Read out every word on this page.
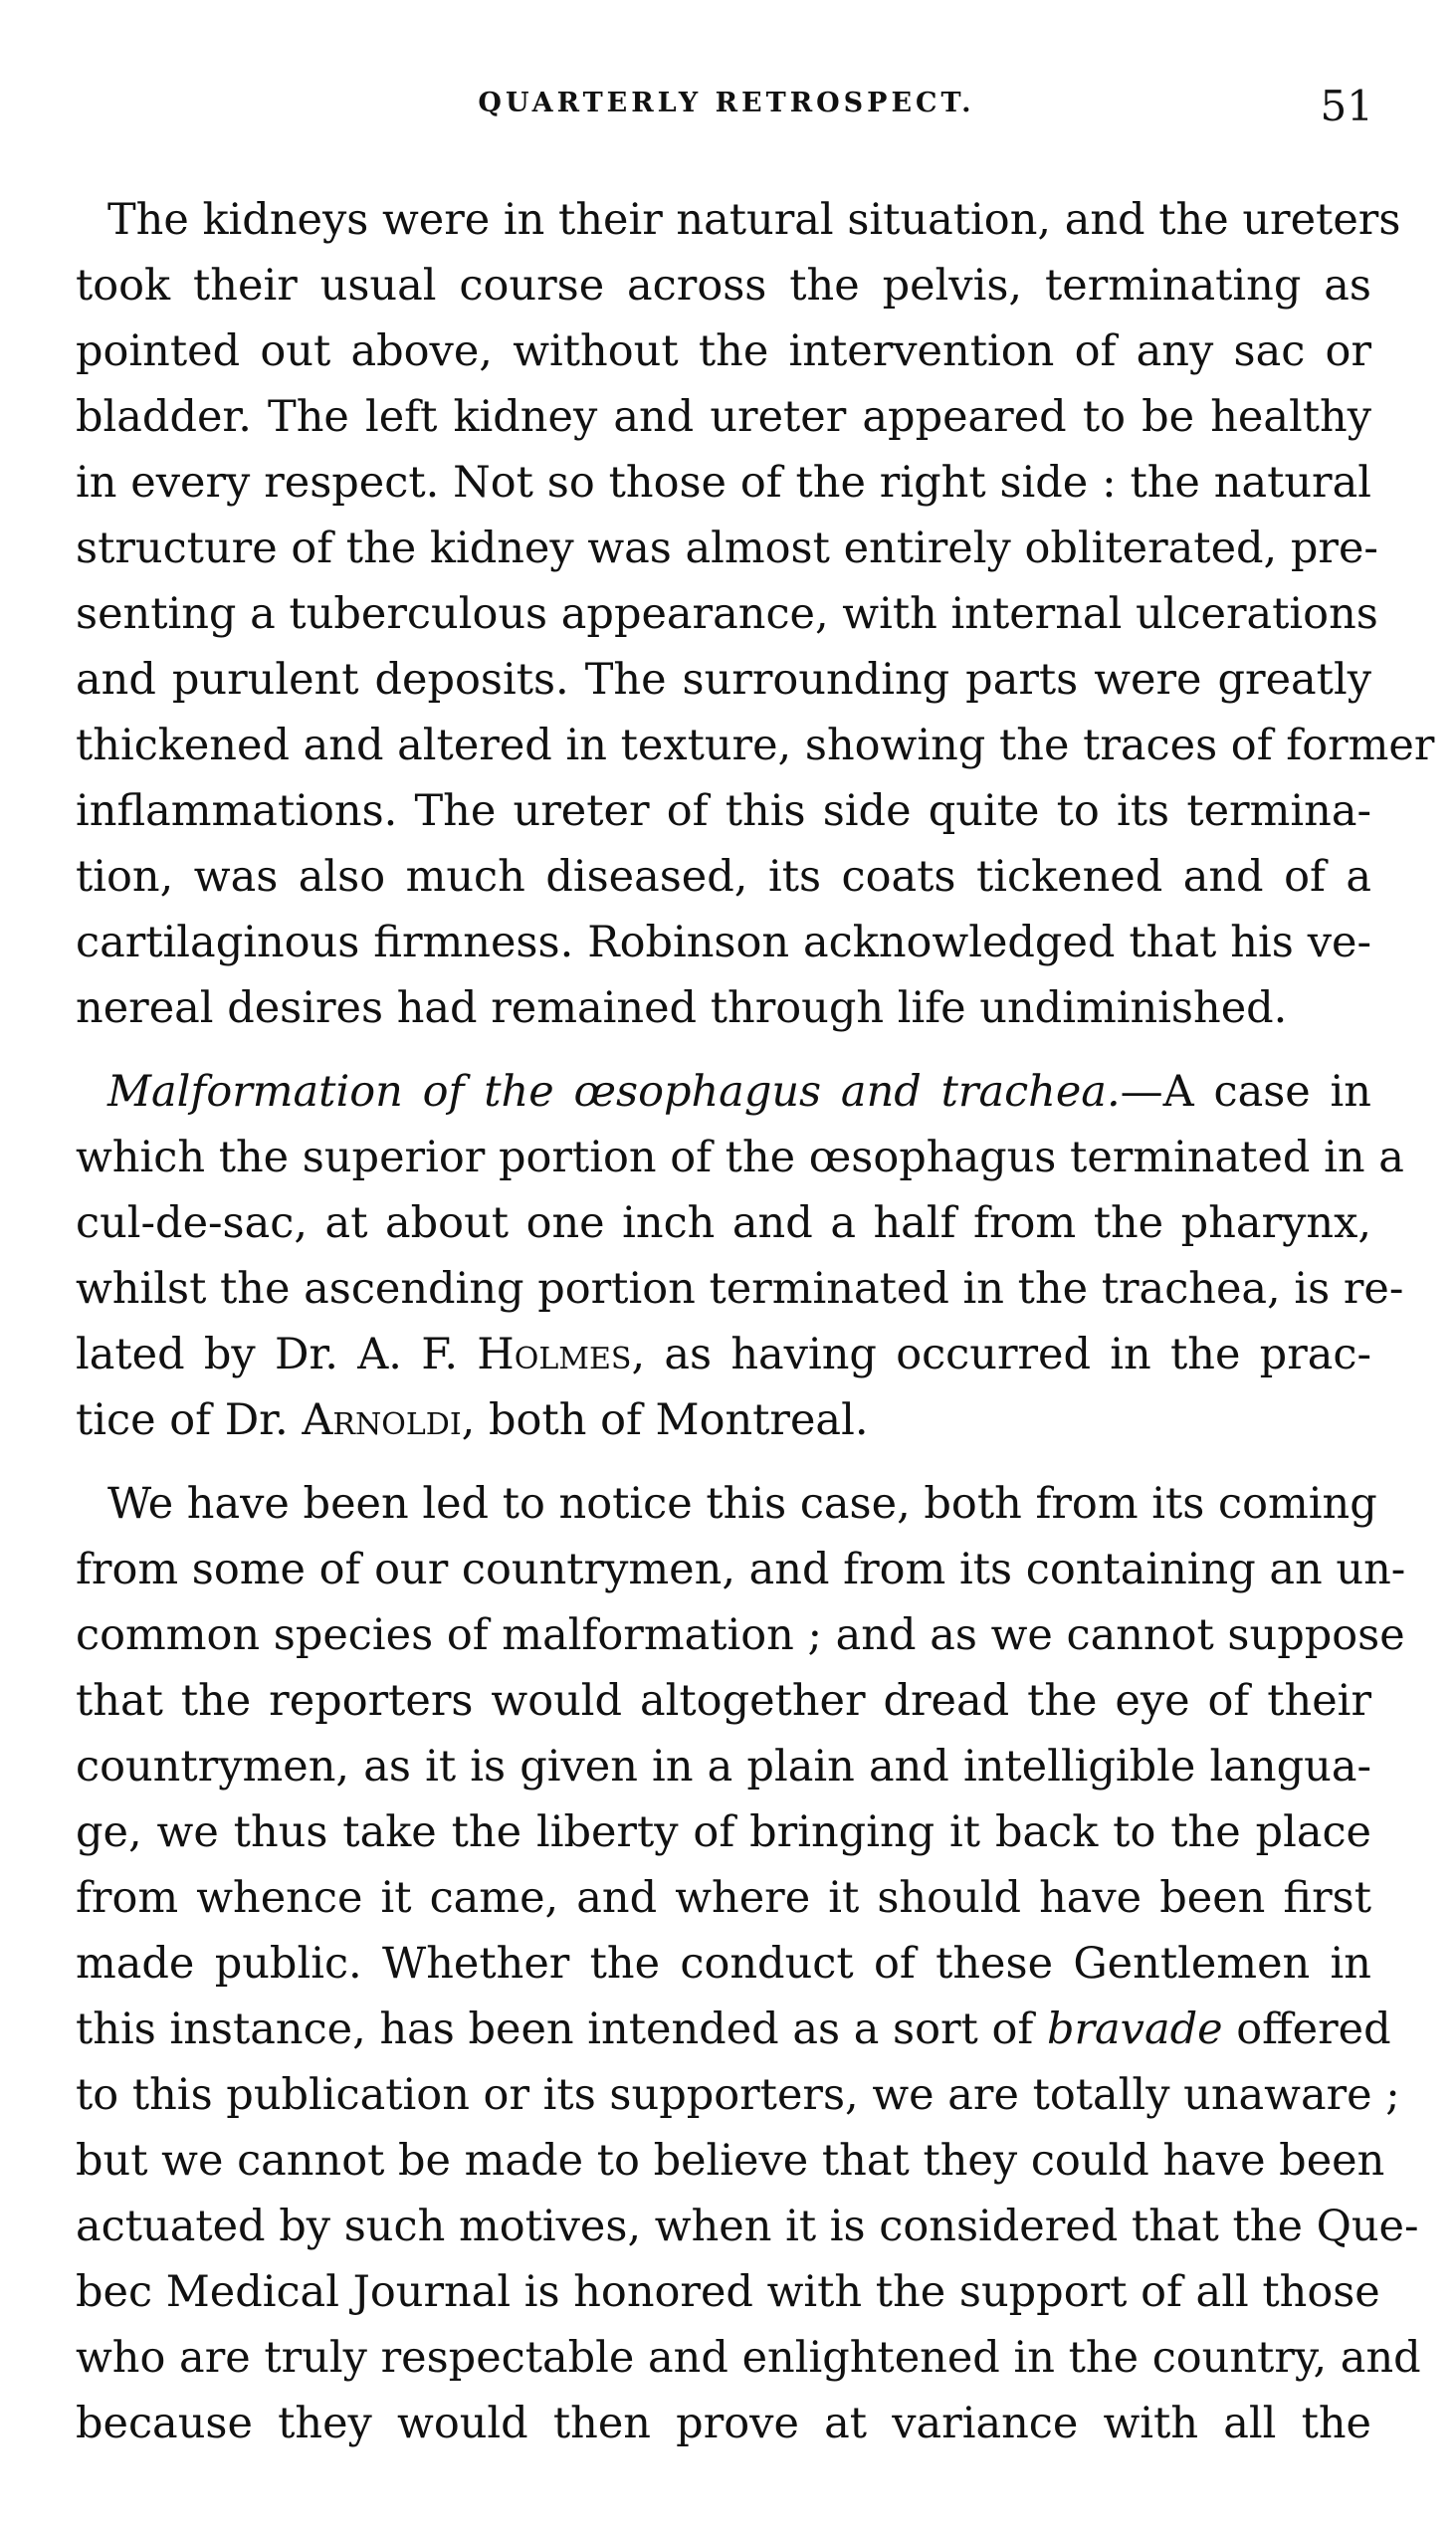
QUARTERLY RETROSPECT.	51
The kidneys were in their natural situation, and the ureters
took their usual course across the pelvis, terminating as
pointed out above, without the intervention of any sac or
bladder. The left kidney and ureter appeared to be healthy
in every respect. Not so those of the right side : the natural
structure of the kidney was almost entirely obliterated, pre-
senting a tuberculous appearance, with internal ulcerations
and purulent deposits. The surrounding parts were greatly
thickened and altered in texture, showing the traces of former
inflammations. The ureter of this side quite to its termina-
tion, was also much diseased, its coats tickened and of a
cartilaginous firmness. Robinson acknowledged that his ve-
nereal desires had remained through life undiminished.
Malformation of the œsophagus and trachea.—A case in
which the superior portion of the œsophagus terminated in a
cul-de-sac, at about one inch and a half from the pharynx,
whilst the ascending portion terminated in the trachea, is re-
lated by Dr. A. F. Holmes, as having occurred in the prac-
tice of Dr. Arnoldi, both of Montreal.
We have been led to notice this case, both from its coming
from some of our countrymen, and from its containing an un-
common species of malformation ; and as we cannot suppose
that the reporters would altogether dread the eye of their
countrymen, as it is given in a plain and intelligible langua-
ge, we thus take the liberty of bringing it back to the place
from whence it came, and where it should have been first
made public. Whether the conduct of these Gentlemen in
this instance, has been intended as a sort of bravade offered
to this publication or its supporters, we are totally unaware ;
but we cannot be made to believe that they could have been
actuated by such motives, when it is considered that the Que-
bec Medical Journal is honored with the support of all those
who are truly respectable and enlightened in the country, and
because they would then prove at variance with all the
